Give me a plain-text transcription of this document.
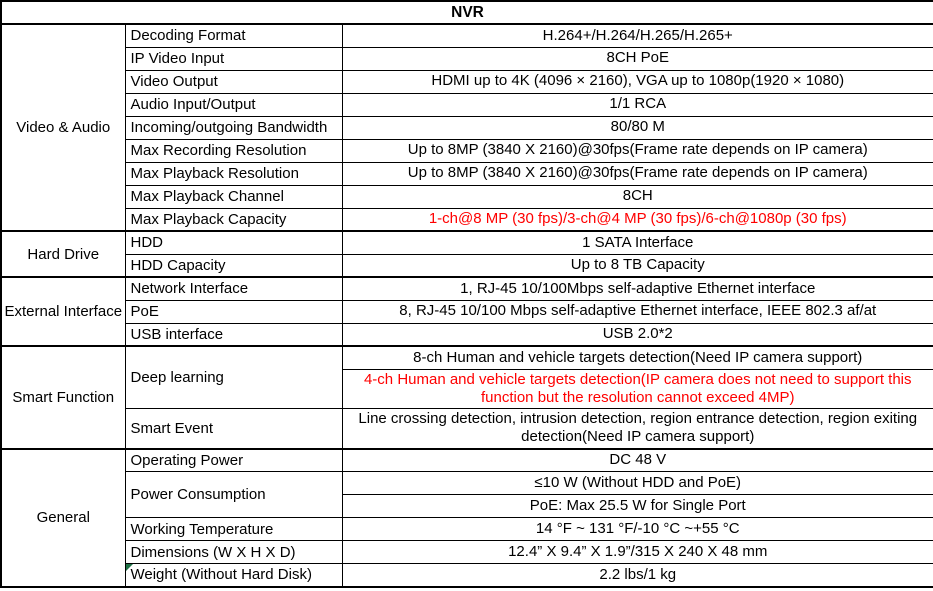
NVR		
Video & Audio	Decoding Format	H.264+/H.264/H.265/H.265+
	IP Video Input	8CH PoE
	Video Output	HDMI up to 4K (4096 × 2160), VGA up to 1080p(1920 × 1080)
	Audio Input/Output	1/1 RCA
	Incoming/outgoing Bandwidth	80/80 M
	Max Recording Resolution	Up to 8MP (3840 X 2160)@30fps(Frame rate depends on IP camera)
	Max Playback Resolution	Up to 8MP (3840 X 2160)@30fps(Frame rate depends on IP camera)
	Max Playback Channel	8CH
	Max Playback Capacity	1-ch@8 MP (30 fps)/3-ch@4 MP (30 fps)/6-ch@1080p (30 fps)
Hard Drive	HDD	1 SATA Interface
	HDD Capacity	Up to 8 TB Capacity
External Interface	Network Interface	1, RJ-45 10/100Mbps self-adaptive Ethernet interface
	PoE	8, RJ-45 10/100 Mbps self-adaptive Ethernet interface, IEEE 802.3 af/at
	USB interface	USB 2.0*2
Smart Function	Deep learning	8-ch Human and vehicle targets detection(Need IP camera support)
		4-ch Human and vehicle targets detection(IP camera does not need to support this function but the resolution cannot exceed 4MP)
	Smart Event	Line crossing detection, intrusion detection, region entrance detection, region exiting detection(Need IP camera support)
General	Operating Power	DC 48 V
	Power Consumption	≤10 W (Without HDD and PoE)
		PoE: Max 25.5 W for Single Port
	Working Temperature	14 °F ~ 131 °F/-10 °C ~+55 °C
	Dimensions (W X H X D)	12.4” X 9.4” X 1.9”/315 X 240 X 48 mm
	Weight (Without Hard Disk)	2.2 lbs/1 kg
